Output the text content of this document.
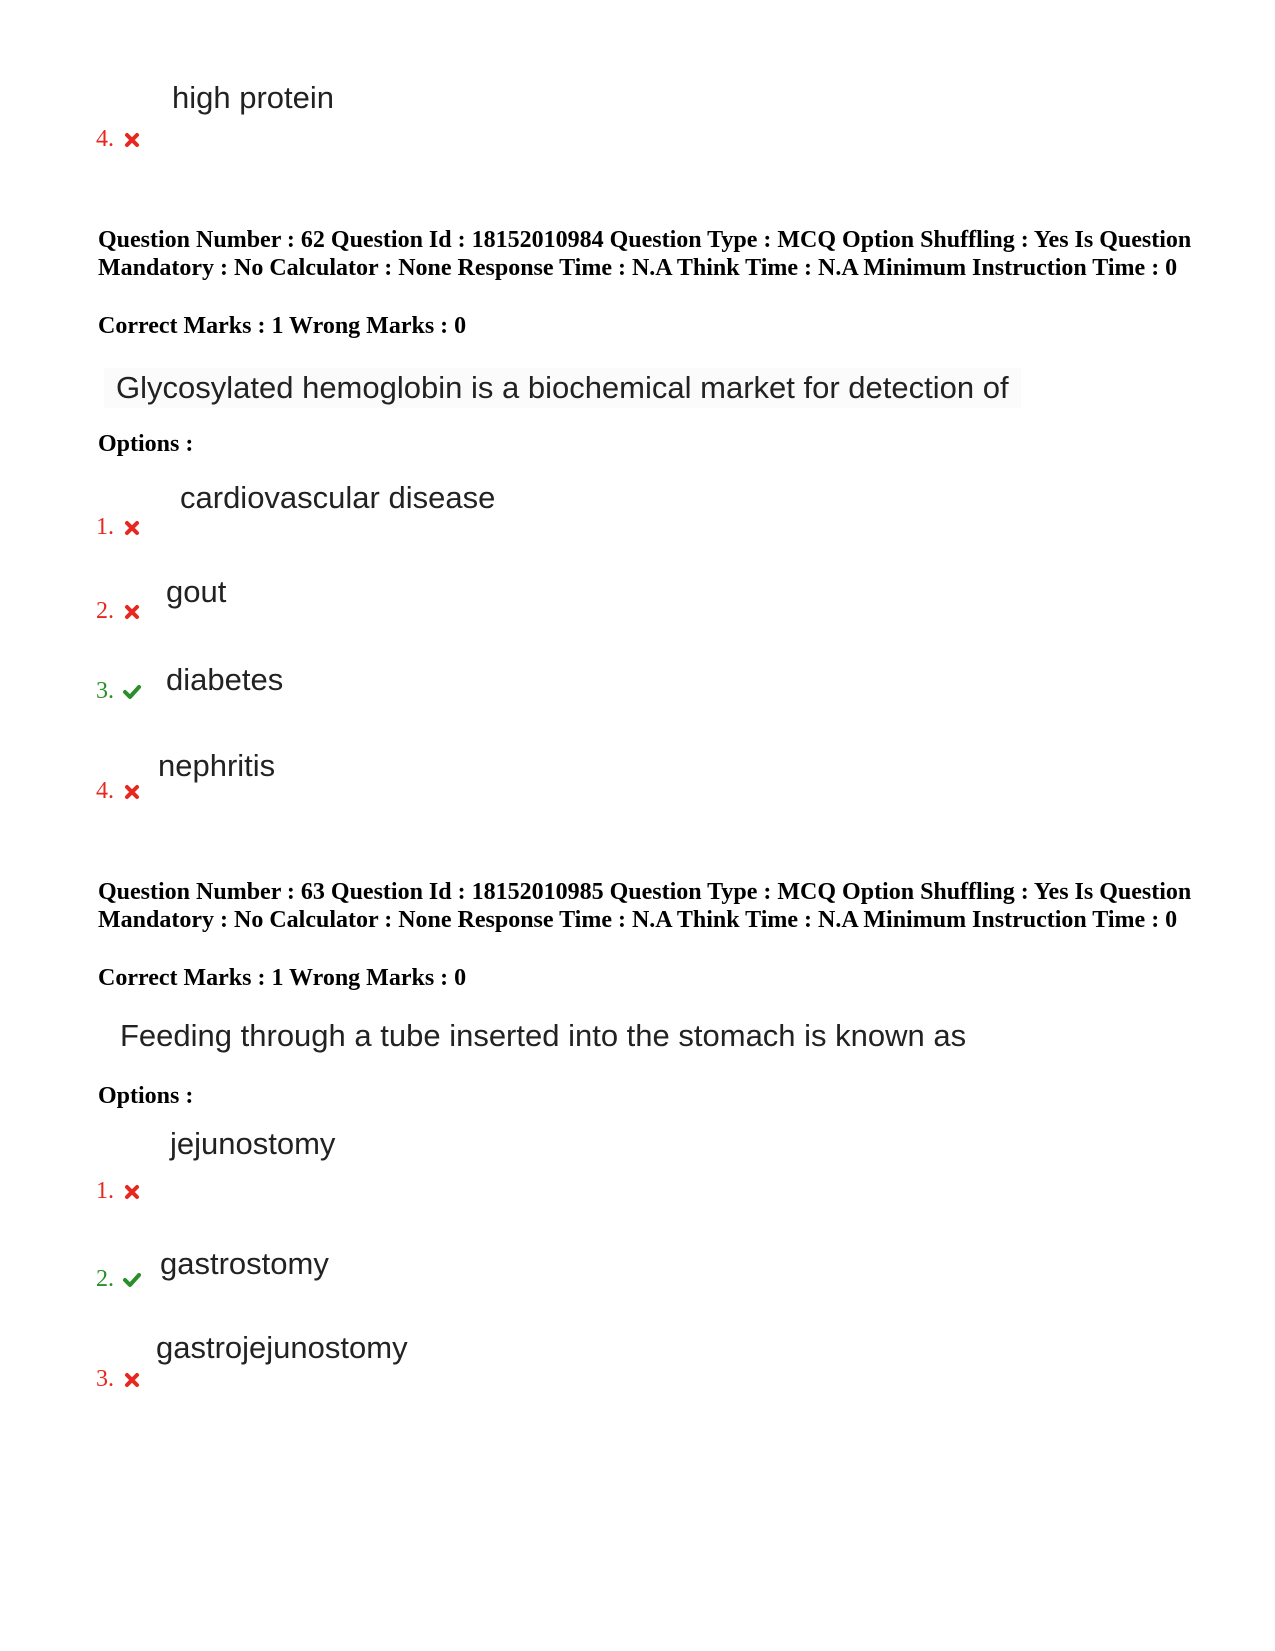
high protein
4.
Question Number : 62 Question Id : 18152010984 Question Type : MCQ Option Shuffling : Yes Is Question Mandatory : No Calculator : None Response Time : N.A Think Time : N.A Minimum Instruction Time : 0
Correct Marks : 1 Wrong Marks : 0
Glycosylated hemoglobin is a biochemical market for detection of
Options :
cardiovascular disease
1.
gout
2.
diabetes
3.
nephritis
4.
Question Number : 63 Question Id : 18152010985 Question Type : MCQ Option Shuffling : Yes Is Question Mandatory : No Calculator : None Response Time : N.A Think Time : N.A Minimum Instruction Time : 0
Correct Marks : 1 Wrong Marks : 0
Feeding through a tube inserted into the stomach is known as
Options :
jejunostomy
1.
gastrostomy
2.
gastrojejunostomy
3.
